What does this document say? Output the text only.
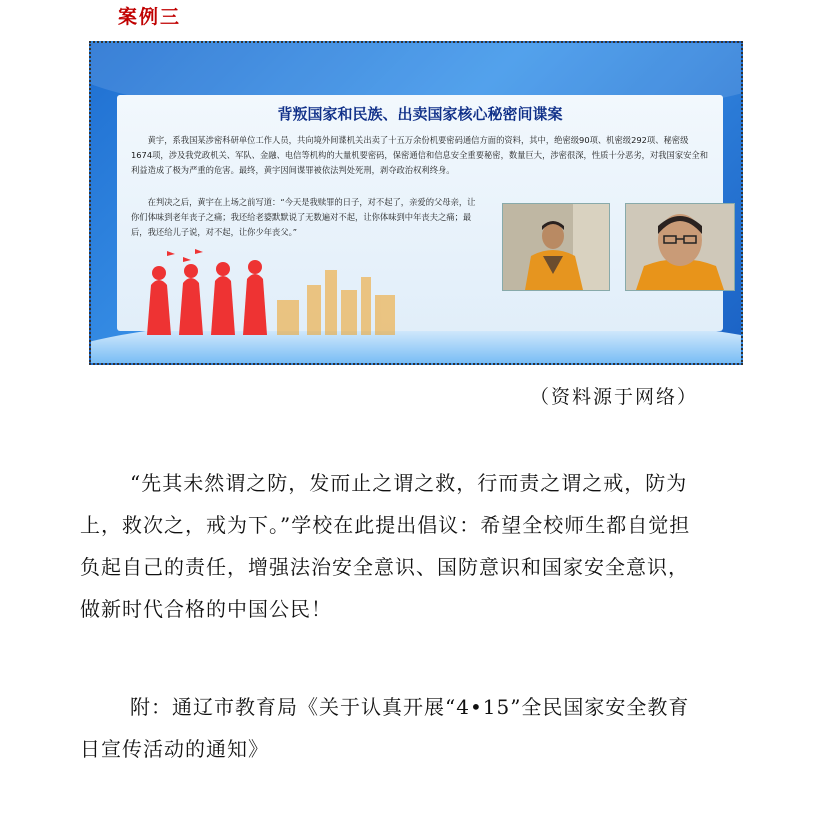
案例三
背叛国家和民族、出卖国家核心秘密间谍案

黄宇，系我国某涉密科研单位工作人员，共向境外间谍机关出卖了十五万余份机要密码通信方面的资料，其中，绝密级90项、机密级292项、秘密级1674项，涉及我党政机关、军队、金融、电信等机构的大量机要密码，保密通信和信息安全重要秘密，数量巨大，涉密很深，性质十分恶劣，对我国家安全和利益造成了极为严重的危害。最终，黄宇因间谍罪被依法判处死刑，剥夺政治权利终身。

在判决之后，黄宇在上场之前写道：“今天是我赎罪的日子，对不起了，亲爱的父母亲，让你们体味到老年丧子之痛；我还给老婆默默说了无数遍对不起，让你体味到中年丧夫之痛；最后，我还给儿子说，对不起，让你少年丧父。”

（资料源于网络）
“先其未然谓之防，发而止之谓之救，行而责之谓之戒，防为
上，救次之，戒为下。”学校在此提出倡议：希望全校师生都自觉担
负起自己的责任，增强法治安全意识、国防意识和国家安全意识，
做新时代合格的中国公民！
附：通辽市教育局《关于认真开展“4•15”全民国家安全教育
日宣传活动的通知》
